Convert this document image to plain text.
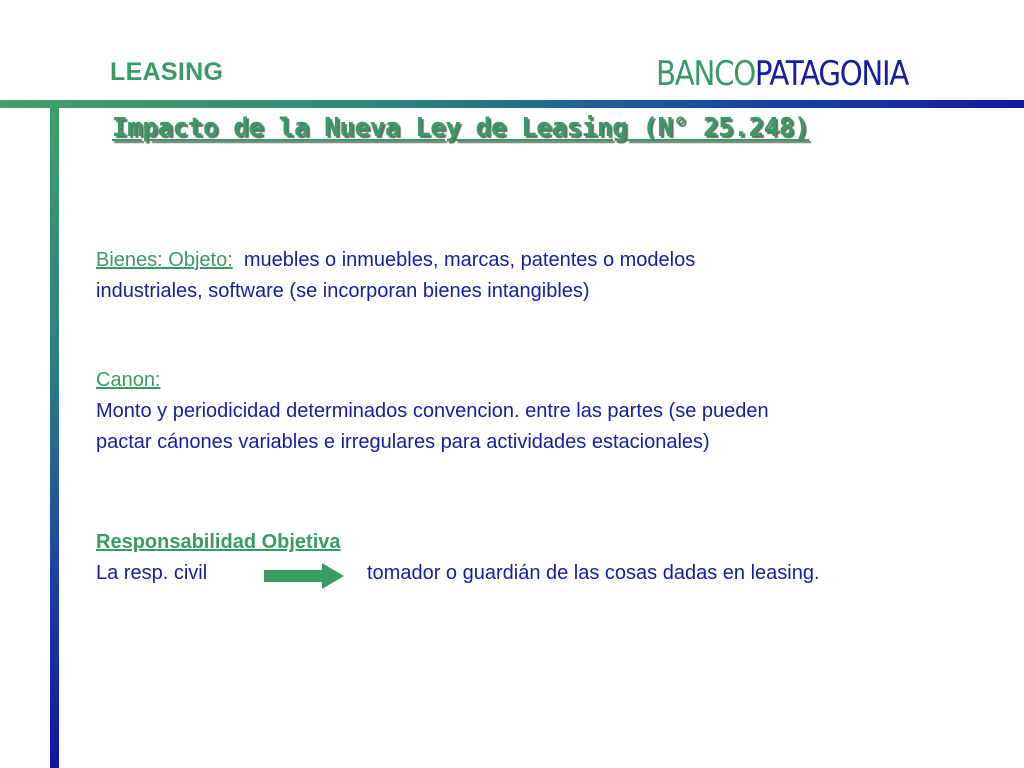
LEASING	BANCOPATAGONIA
Impacto de la Nueva Ley de Leasing (N° 25.248)
Bienes: Objeto: muebles o inmuebles, marcas, patentes o modelos
industriales, software (se incorporan bienes intangibles)
Canon:
Monto y periodicidad determinados convencion. entre las partes (se pueden
pactar cánones variables e irregulares para actividades estacionales)
Responsabilidad Objetiva
La resp. civil	tomador o guardián de las cosas dadas en leasing.
